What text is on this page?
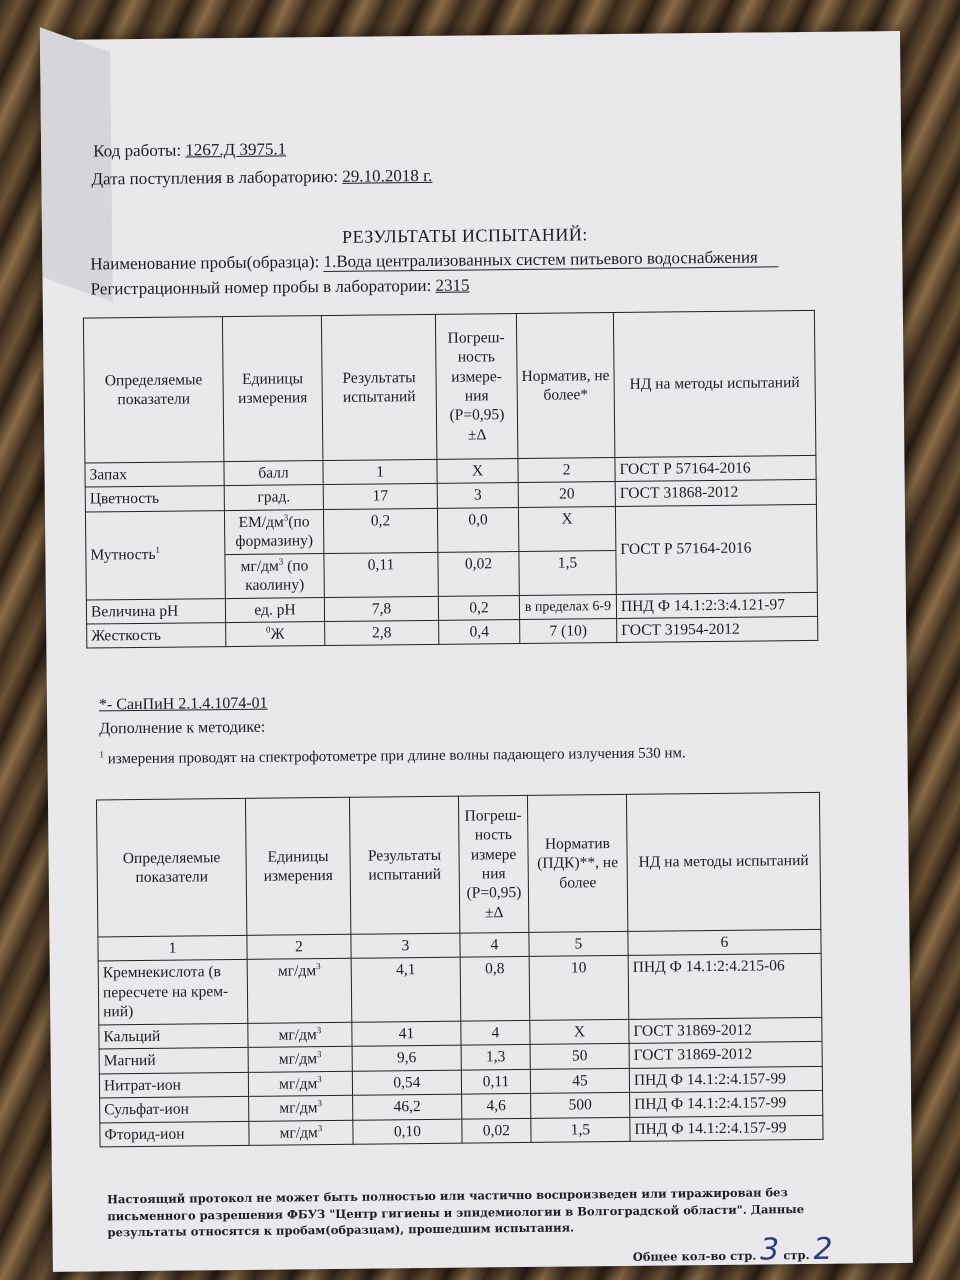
Код работы: 1267.Д 3975.1
Дата поступления в лабораторию: 29.10.2018 г.
РЕЗУЛЬТАТЫ ИСПЫТАНИЙ:
Наименование пробы(образца): 1.Вода централизованных систем питьевого водоснабжения
Регистрационный номер пробы в лаборатории: 2315
Определяемые показатели	Единицы измерения	Результаты испытаний	Погреш-ность измере-ния (Р=0,95) ±Δ	Норматив, не более*	НД на методы испытаний
Запах	балл	1	Х	2	ГОСТ Р 57164-2016
Цветность	град.	17	3	20	ГОСТ 31868-2012
Мутность$^1$	$ЕМ/дм^3(по$ формазину)	0,2	0,0	Х	ГОСТ Р 57164-2016
	$мг/дм^3$ (по каолину)	0,11	0,02	1,5	
Величина pH	ед. pH	7,8	0,2	в пределах 6-9	ПНД Ф 14.1:2:3:4.121-97
Жесткость	$^0$Ж	2,8	0,4	7 (10)	ГОСТ 31954-2012
*- СанПиН 2.1.4.1074-01
Дополнение к методике:
$^1$ измерения проводят на спектрофотометре при длине волны падающего излучения 530 нм.
Определяемые показатели	Единицы измерения	Результаты испытаний	Погреш-ность измере ния (Р=0,95) ±Δ	Норматив (ПДК)**, не более	НД на методы испытаний
1	2	3	4	5	6
Кремнекислота (в пересчете на крем-ний)	$мг/дм^3$	4,1	0,8	10	ПНД Ф 14.1:2:4.215-06
Кальций	$мг/дм^3$	41	4	Х	ГОСТ 31869-2012
Магний	$мг/дм^3$	9,6	1,3	50	ГОСТ 31869-2012
Нитрат-ион	$мг/дм^3$	0,54	0,11	45	ПНД Ф 14.1:2:4.157-99
Сульфат-ион	$мг/дм^3$	46,2	4,6	500	ПНД Ф 14.1:2:4.157-99
Фторид-ион	$мг/дм^3$	0,10	0,02	1,5	ПНД Ф 14.1:2:4.157-99
Настоящий протокол не может быть полностью или частично воспроизведен или тиражирован без письменного разрешения ФБУЗ "Центр гигиены и эпидемиологии в Волгоградской области". Данные результаты относятся к пробам(образцам), прошедшим испытания.
Общее кол-во стр. 3 стр. 2
